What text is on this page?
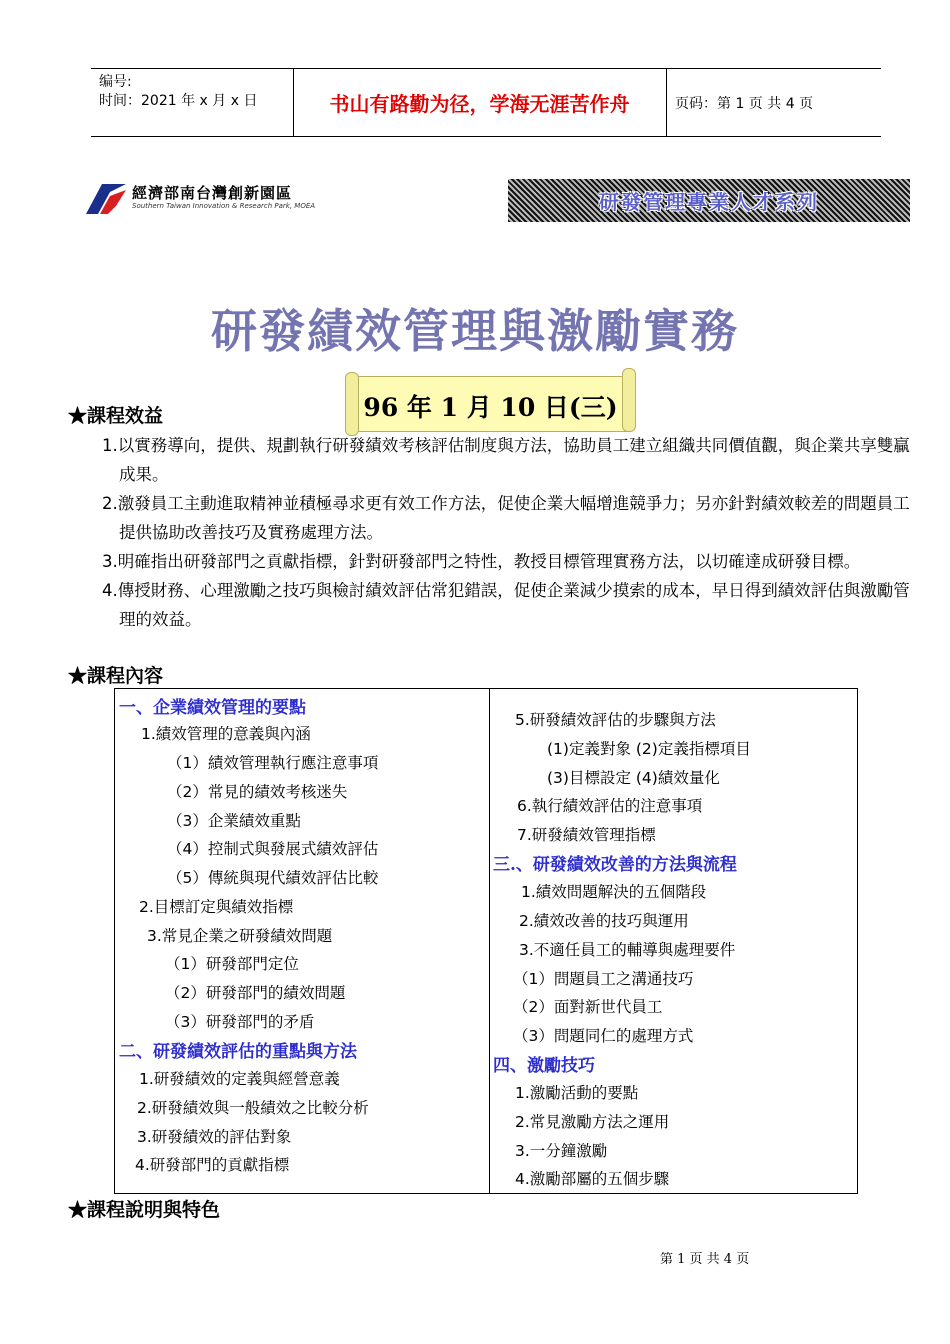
编号:
时间：2021 年 x 月 x 日	书山有路勤为径，学海无涯苦作舟	页码：第 1 页 共 4 页
經濟部南台灣創新園區
Southern Taiwan Innovation & Research Park, MOEA	研發管理專業人才系列
研發績效管理與激勵實務
96 年 1 月 10 日(三)
★課程效益
1.以實務導向，提供、規劃執行研發績效考核評估制度與方法，協助員工建立組織共同價值觀，與企業共享雙贏成果。
2.激發員工主動進取精神並積極尋求更有效工作方法，促使企業大幅增進競爭力；另亦針對績效較差的問題員工提供協助改善技巧及實務處理方法。
3.明確指出研發部門之貢獻指標，針對研發部門之特性，教授目標管理實務方法，以切確達成研發目標。
4.傳授財務、心理激勵之技巧與檢討績效評估常犯錯誤，促使企業減少摸索的成本，早日得到績效評估與激勵管理的效益。
★課程內容
一、企業績效管理的要點
1.績效管理的意義與內涵
（1）績效管理執行應注意事項
（2）常見的績效考核迷失
（3）企業績效重點
（4）控制式與發展式績效評估
（5）傳統與現代績效評估比較
2.目標訂定與績效指標
3.常見企業之研發績效問題
（1）研發部門定位
（2）研發部門的績效問題
（3）研發部門的矛盾
二、研發績效評估的重點與方法
1.研發績效的定義與經營意義
2.研發績效與一般績效之比較分析
3.研發績效的評估對象
4.研發部門的貢獻指標
5.研發績效評估的步驟與方法
(1)定義對象 (2)定義指標項目
(3)目標設定 (4)績效量化
6.執行績效評估的注意事項
7.研發績效管理指標
三.、研發績效改善的方法與流程
1.績效問題解決的五個階段
2.績效改善的技巧與運用
3.不適任員工的輔導與處理要件
（1）問題員工之溝通技巧
（2）面對新世代員工
（3）問題同仁的處理方式
四、激勵技巧
1.激勵活動的要點
2.常見激勵方法之運用
3.一分鐘激勵
4.激勵部屬的五個步驟
★課程說明與特色
第 1 页 共 4 页
